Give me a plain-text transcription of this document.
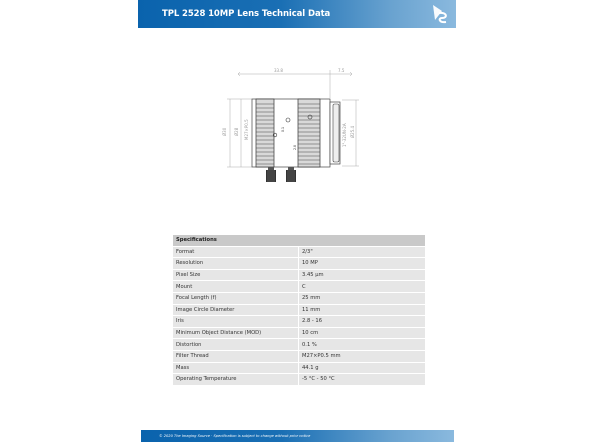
TPL 2528 10MP Lens Technical Data
33.8	7.5
Ø30 Ø28 M27×P0.5	1"-32UN-2A Ø25.4
0.1
2.8
Specifications	
Format	2/3"
Resolution	10 MP
Pixel Size	3.45 µm
Mount	C
Focal Length (f)	25 mm
Image Circle Diameter	11 mm
Iris	2.8 - 16
Minimum Object Distance (MOD)	10 cm
Distortion	0.1 %
Filter Thread	M27×P0.5 mm
Mass	44.1 g
Operating Temperature	-5 °C - 50 °C
© 2020 The Imaging Source · Specification is subject to change without prior notice
